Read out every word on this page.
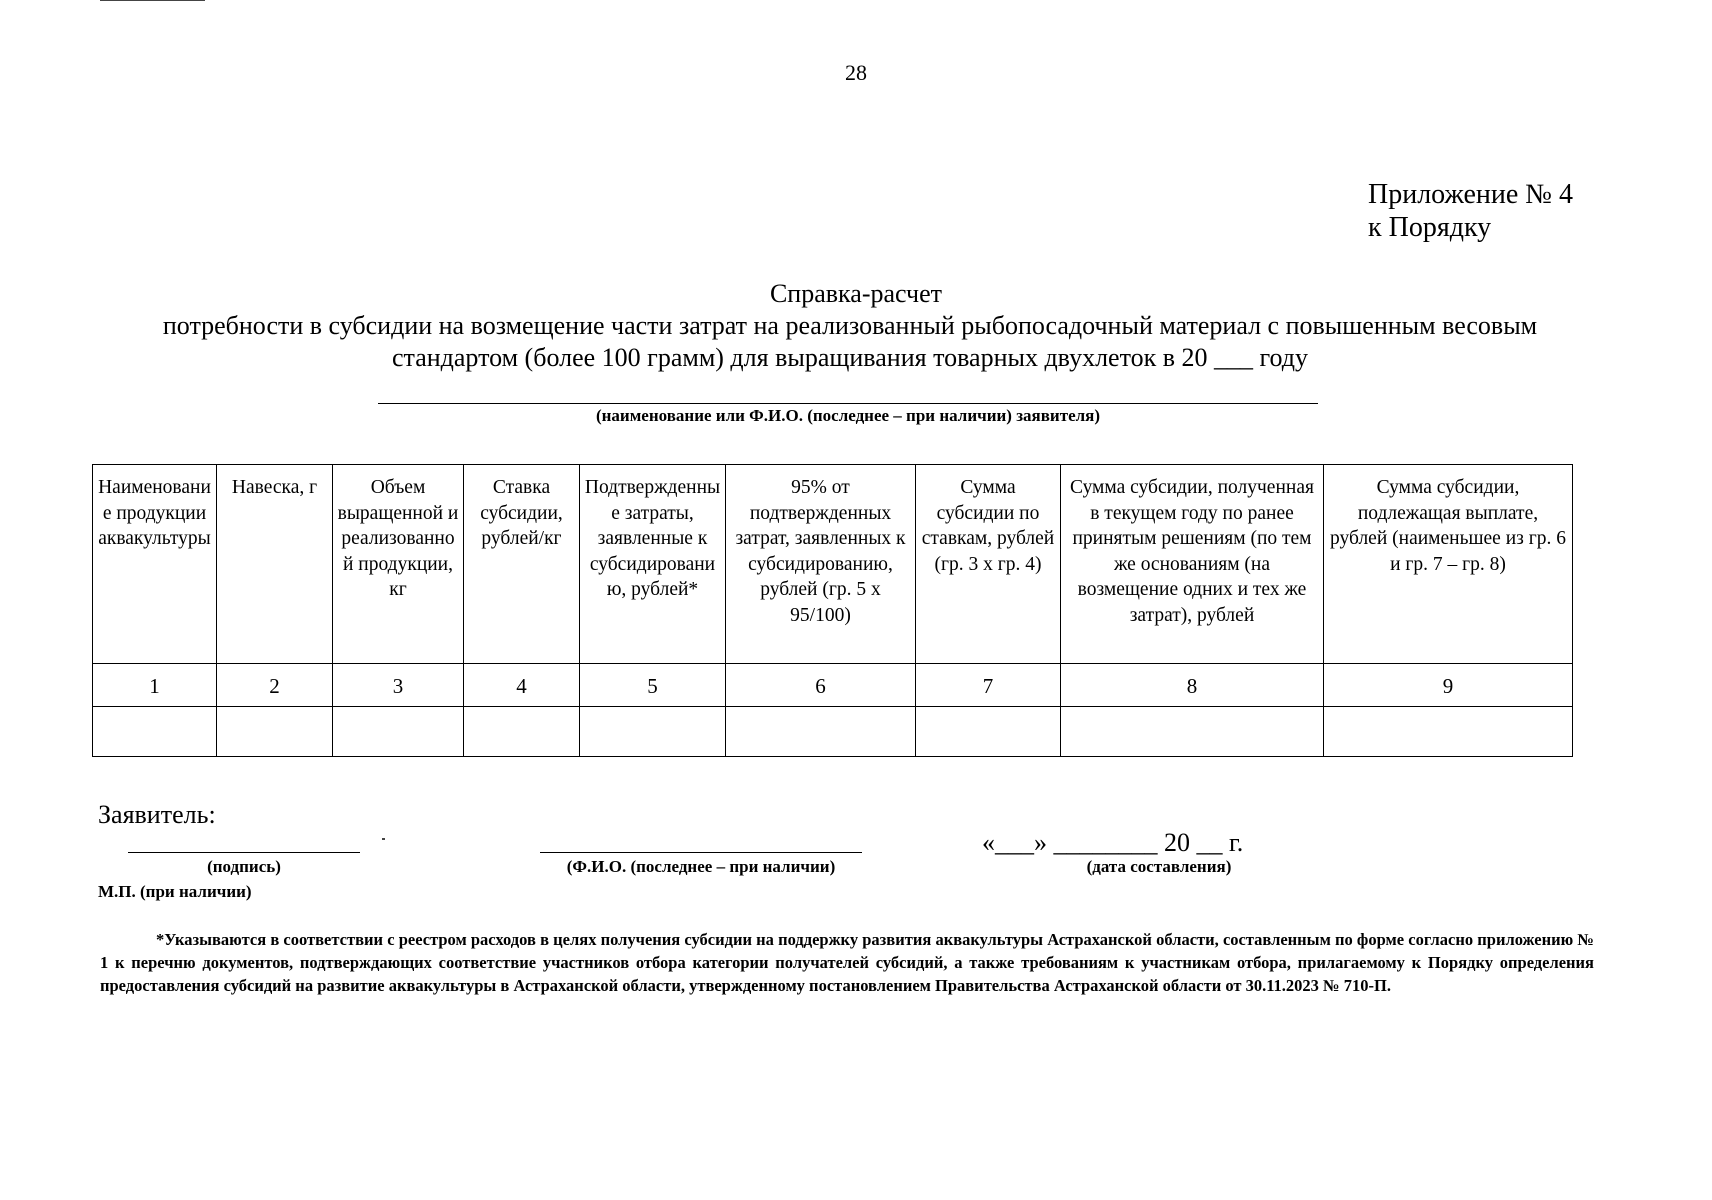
28
Приложение № 4
к Порядку
Справка-расчет
потребности в субсидии на возмещение части затрат на реализованный рыбопосадочный материал с повышенным весовым стандартом (более 100 грамм) для выращивания товарных двухлеток в 20 ___ году
(наименование или Ф.И.О. (последнее – при наличии) заявителя)
Наименование продукции аквакультуры	Навеска, г	Объем выращенной и реализованной продукции, кг	Ставка субсидии, рублей/кг	Подтвержденные затраты, заявленные к субсидированию, рублей*	95% от подтвержденных затрат, заявленных к субсидированию, рублей (гр. 5 х 95/100)	Сумма субсидии по ставкам, рублей (гр. 3 х гр. 4)	Сумма субсидии, полученная в текущем году по ранее принятым решениям (по тем же основаниям (на возмещение одних и тех же затрат), рублей	Сумма субсидии, подлежащая выплате, рублей (наименьшее из гр. 6 и гр. 7 – гр. 8)
1	2	3	4	5	6	7	8	9

Заявитель:
(подпись)	(Ф.И.О. (последнее – при наличии)
«___» ________ 20 __ г.
(дата составления)
М.П. (при наличии)
*Указываются в соответствии с реестром расходов в целях получения субсидии на поддержку развития аквакультуры Астраханской области, составленным по форме согласно приложению № 1 к перечню документов, подтверждающих соответствие участников отбора категории получателей субсидий, а также требованиям к участникам отбора, прилагаемому к Порядку определения предоставления субсидий на развитие аквакультуры в Астраханской области, утвержденному постановлением Правительства Астраханской области от 30.11.2023 № 710-П.
